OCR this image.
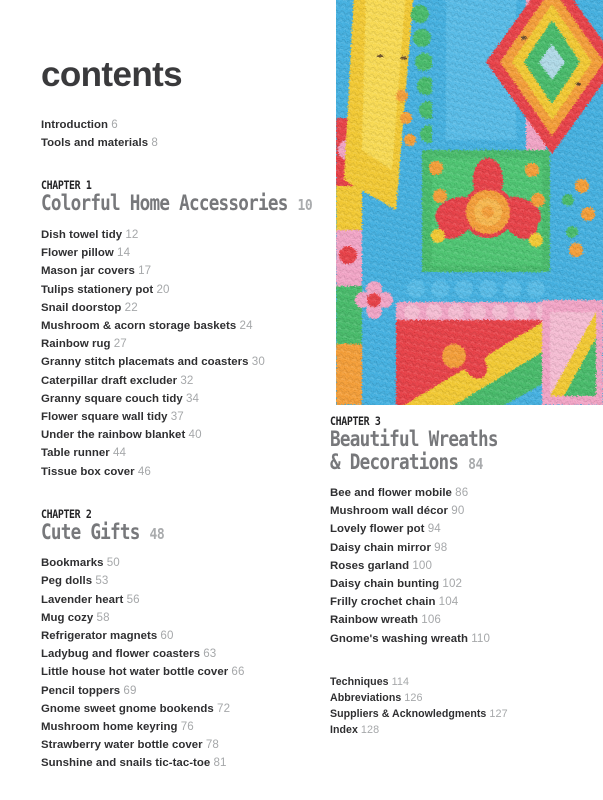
contents
Introduction 6
Tools and materials 8
CHAPTER 1
Colorful Home Accessories 10
Dish towel tidy 12
Flower pillow 14
Mason jar covers 17
Tulips stationery pot 20
Snail doorstop 22
Mushroom & acorn storage baskets 24
Rainbow rug 27
Granny stitch placemats and coasters 30
Caterpillar draft excluder 32
Granny square couch tidy 34
Flower square wall tidy 37
Under the rainbow blanket 40
Table runner 44
Tissue box cover 46
CHAPTER 2
Cute Gifts 48
Bookmarks 50
Peg dolls 53
Lavender heart 56
Mug cozy 58
Refrigerator magnets 60
Ladybug and flower coasters 63
Little house hot water bottle cover 66
Pencil toppers 69
Gnome sweet gnome bookends 72
Mushroom home keyring 76
Strawberry water bottle cover 78
Sunshine and snails tic-tac-toe 81
CHAPTER 3
Beautiful Wreaths
& Decorations 84
Bee and flower mobile 86
Mushroom wall décor 90
Lovely flower pot 94
Daisy chain mirror 98
Roses garland 100
Daisy chain bunting 102
Frilly crochet chain 104
Rainbow wreath 106
Gnome's washing wreath 110
Techniques 114
Abbreviations 126
Suppliers & Acknowledgments 127
Index 128
